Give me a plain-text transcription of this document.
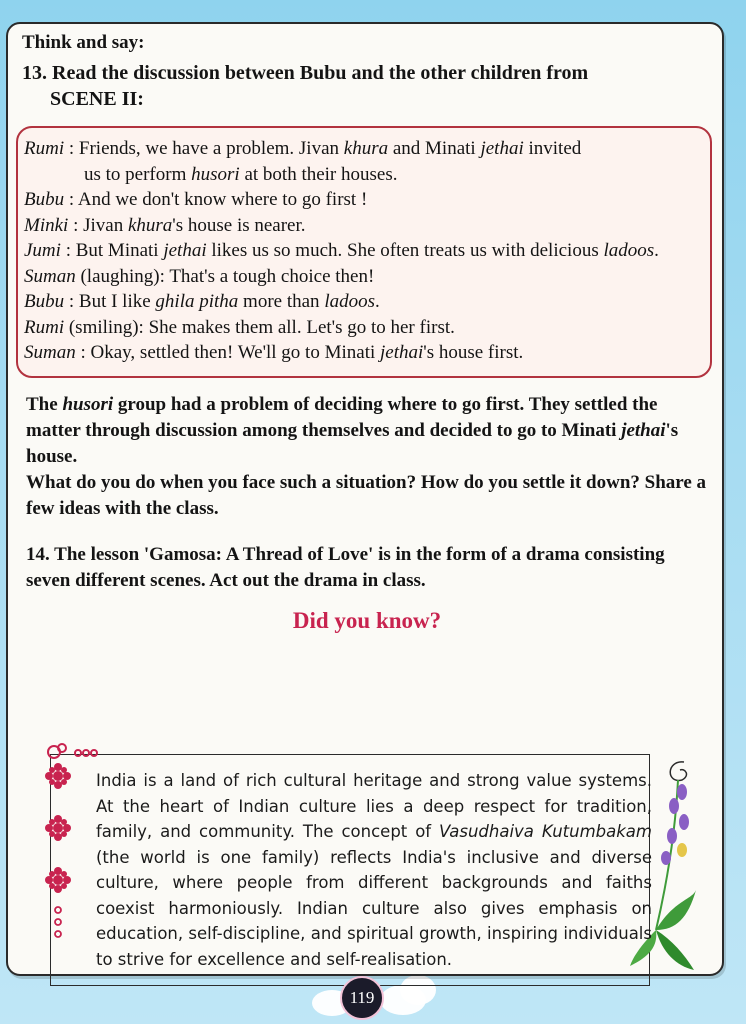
Think and say:

13. Read the discussion between Bubu and the other children from
SCENE II:

Rumi : Friends, we have a problem. Jivan khura and Minati jethai invited

us to perform husori at both their houses.

Bubu : And we don't know where to go first !

Minki : Jivan khura's house is nearer.

Jumi : But Minati jethai likes us so much. She often treats us with delicious ladoos.

Suman (laughing): That's a tough choice then!

Bubu : But I like ghila pitha more than ladoos.

Rumi (smiling): She makes them all. Let's go to her first.

Suman : Okay, settled then! We'll go to Minati jethai's house first.

The husori group had a problem of deciding where to go first. They settled the matter through discussion among themselves and decided to go to Minati jethai's house.
What do you do when you face such a situation? How do you settle it down? Share a few ideas with the class.

14. The lesson 'Gamosa: A Thread of Love' is in the form of a drama consisting seven different scenes. Act out the drama in class.

Did you know?

India is a land of rich cultural heritage and strong value systems. At the heart of Indian culture lies a deep respect for tradition, family, and community. The concept of Vasudhaiva Kutumbakam (the world is one family) reflects India's inclusive and diverse culture, where people from different backgrounds and faiths coexist harmoniously. Indian culture also gives emphasis on education, self-discipline, and spiritual growth, inspiring individuals to strive for excellence and self-realisation.
119
